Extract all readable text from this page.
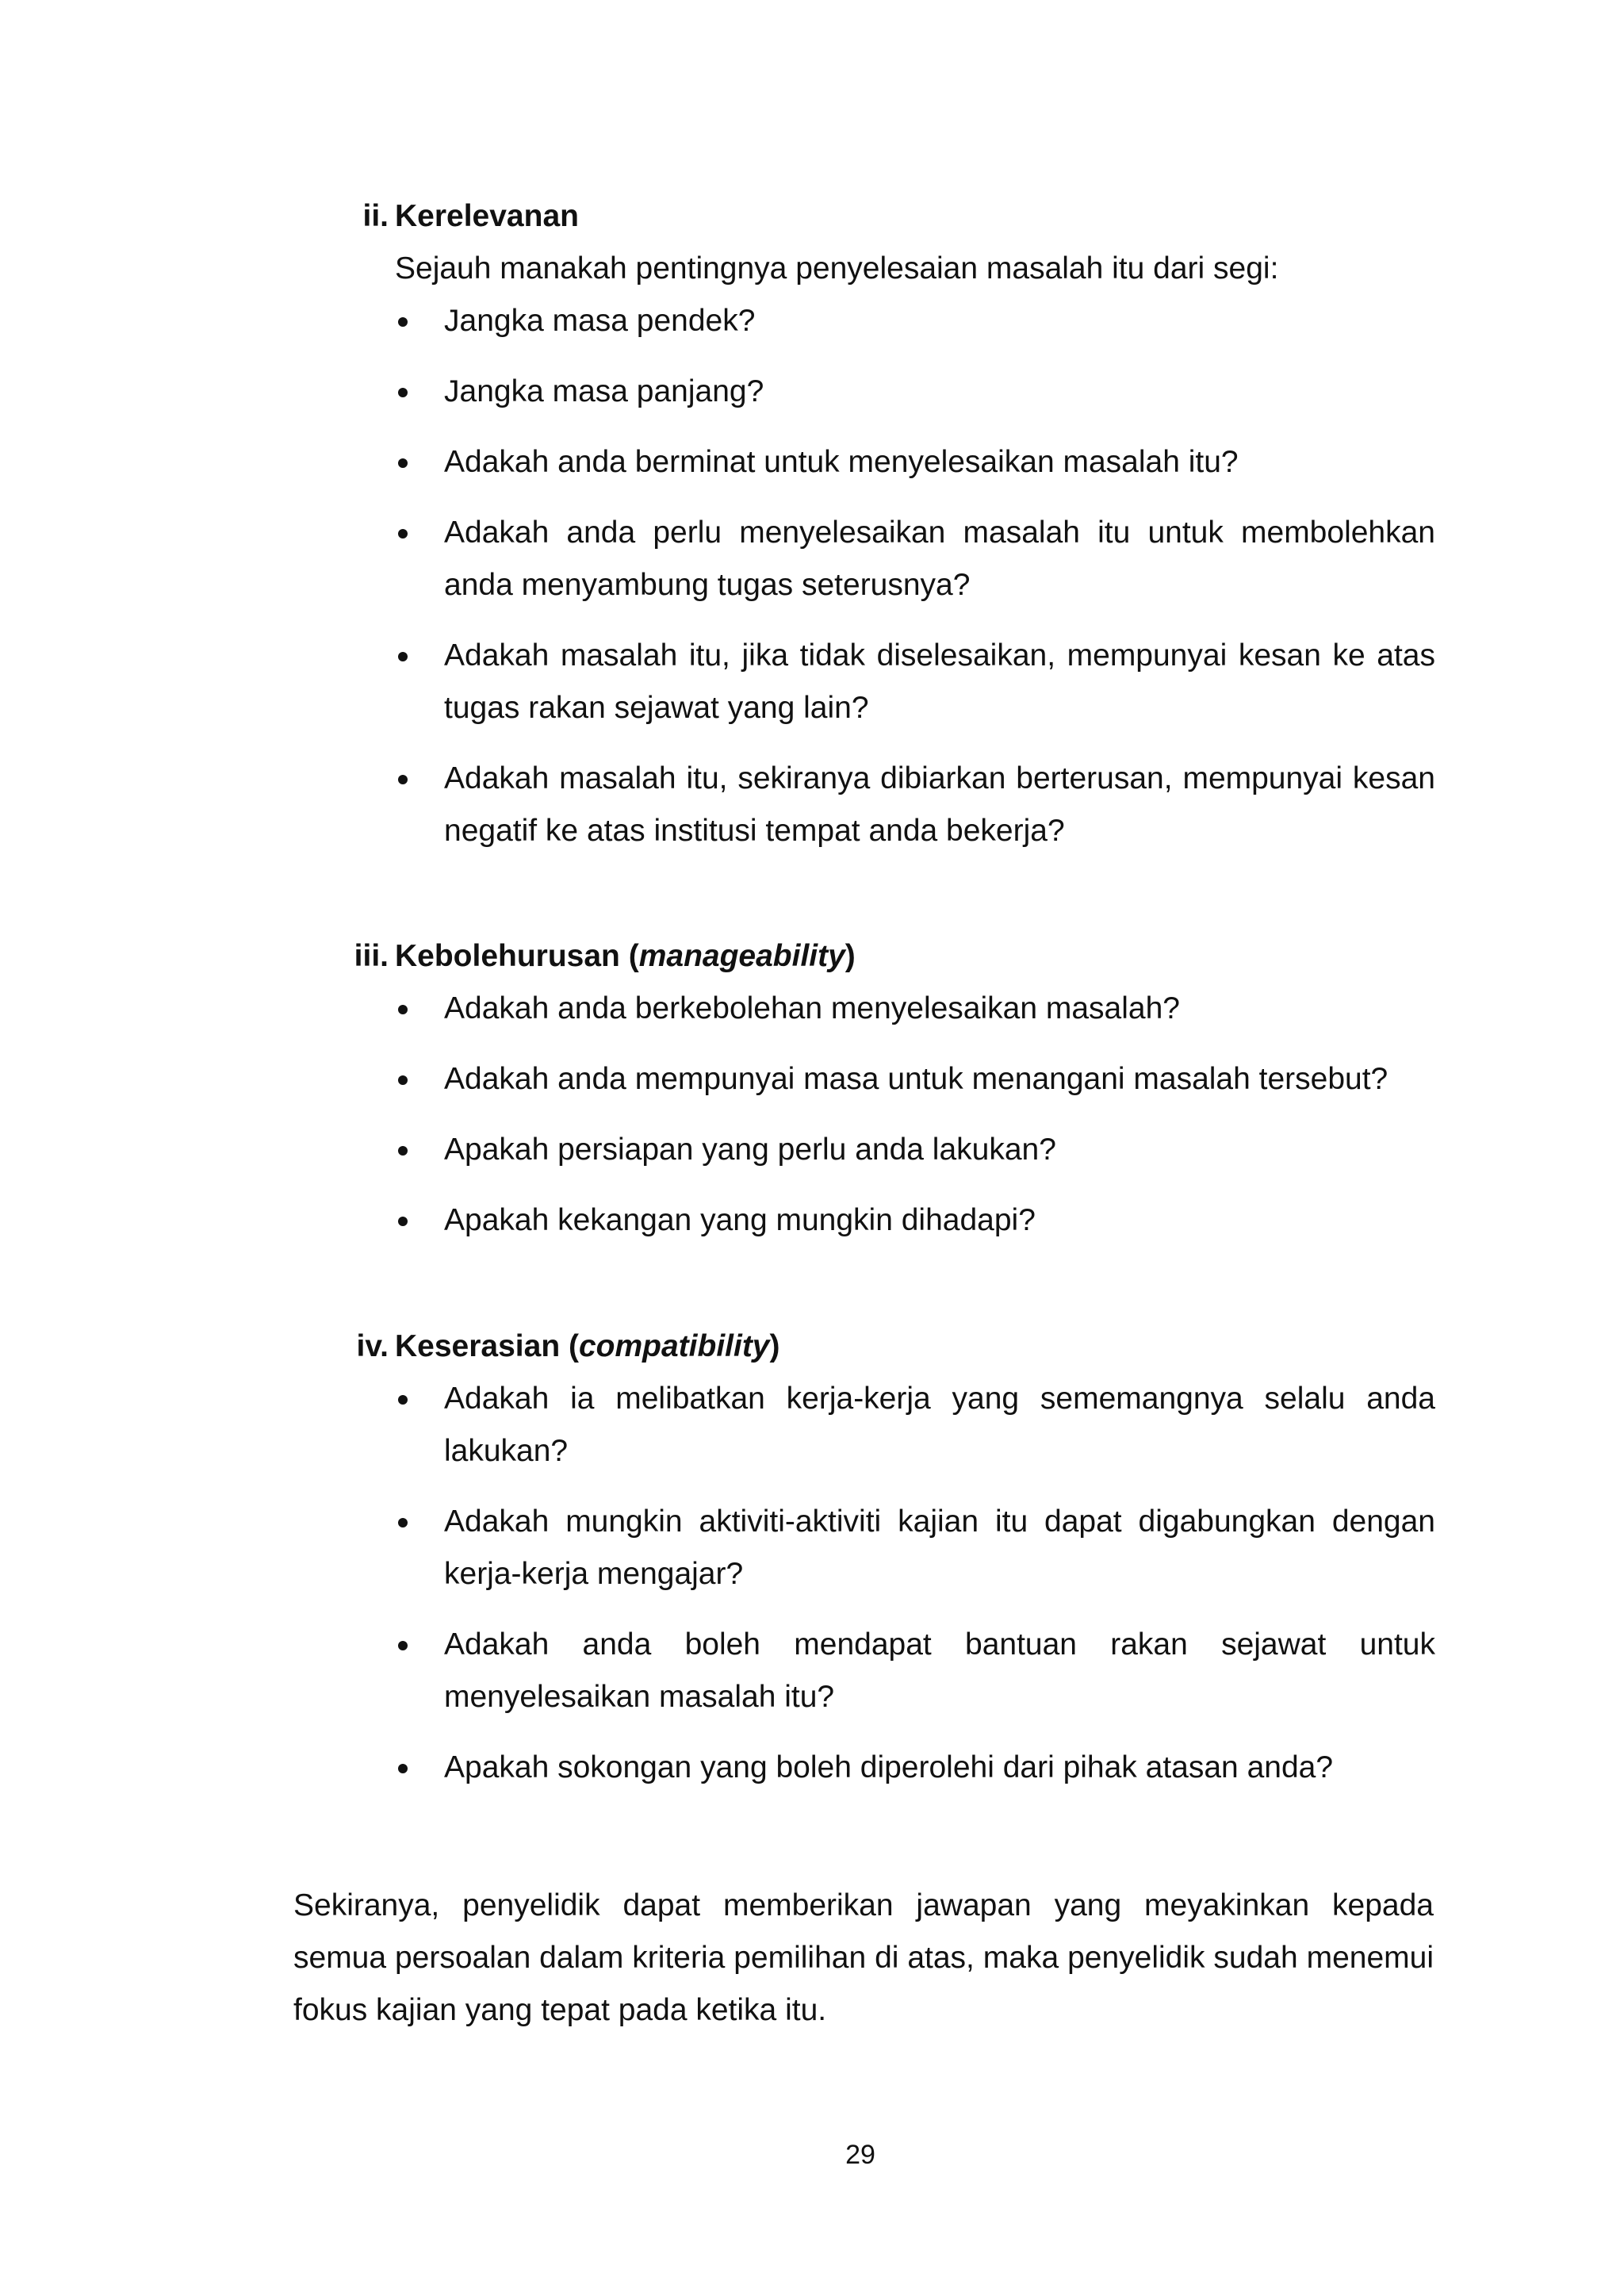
ii. Kerelevanan
Sejauh manakah pentingnya penyelesaian masalah itu dari segi:
Jangka masa pendek?
Jangka masa panjang?
Adakah anda berminat untuk menyelesaikan masalah itu?
Adakah anda perlu menyelesaikan masalah itu untuk membolehkan anda menyambung tugas seterusnya?
Adakah masalah itu, jika tidak diselesaikan, mempunyai kesan ke atas tugas rakan sejawat yang lain?
Adakah masalah itu, sekiranya dibiarkan berterusan, mempunyai kesan negatif ke atas institusi tempat anda bekerja?
iii. Kebolehurusan (manageability)
Adakah anda berkebolehan menyelesaikan masalah?
Adakah anda mempunyai masa untuk menangani masalah tersebut?
Apakah persiapan yang perlu anda lakukan?
Apakah kekangan yang mungkin dihadapi?
iv. Keserasian (compatibility)
Adakah ia melibatkan kerja-kerja yang sememangnya selalu anda lakukan?
Adakah mungkin aktiviti-aktiviti kajian itu dapat digabungkan dengan kerja-kerja mengajar?
Adakah anda boleh mendapat bantuan rakan sejawat untuk menyelesaikan masalah itu?
Apakah sokongan yang boleh diperolehi dari pihak atasan anda?

Sekiranya, penyelidik dapat memberikan jawapan yang meyakinkan kepada semua persoalan dalam kriteria pemilihan di atas, maka penyelidik sudah menemui fokus kajian yang tepat pada ketika itu.

29
